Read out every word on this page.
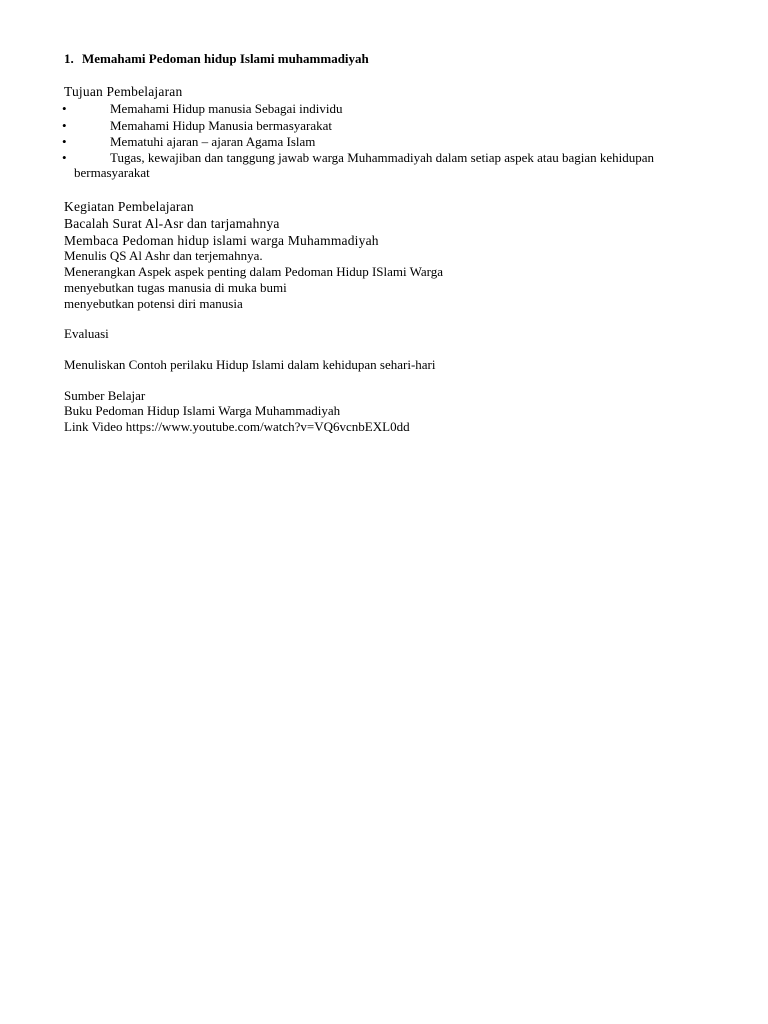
1. Memahami Pedoman hidup Islami muhammadiyah
Tujuan Pembelajaran
•	Memahami Hidup manusia Sebagai individu
•	Memahami Hidup Manusia bermasyarakat
•	Mematuhi ajaran – ajaran Agama Islam
•	Tugas, kewajiban dan tanggung jawab warga Muhammadiyah dalam setiap aspek atau bagian kehidupan
bermasyarakat
Kegiatan Pembelajaran
Bacalah Surat Al-Asr dan tarjamahnya
Membaca Pedoman hidup islami warga Muhammadiyah
Menulis QS Al Ashr dan terjemahnya.
Menerangkan Aspek aspek penting dalam Pedoman Hidup ISlami Warga
menyebutkan tugas manusia di muka bumi
menyebutkan potensi diri manusia
Evaluasi
Menuliskan Contoh perilaku Hidup Islami dalam kehidupan sehari-hari
Sumber Belajar
Buku Pedoman Hidup Islami Warga Muhammadiyah
Link Video https://www.youtube.com/watch?v=VQ6vcnbEXL0dd
